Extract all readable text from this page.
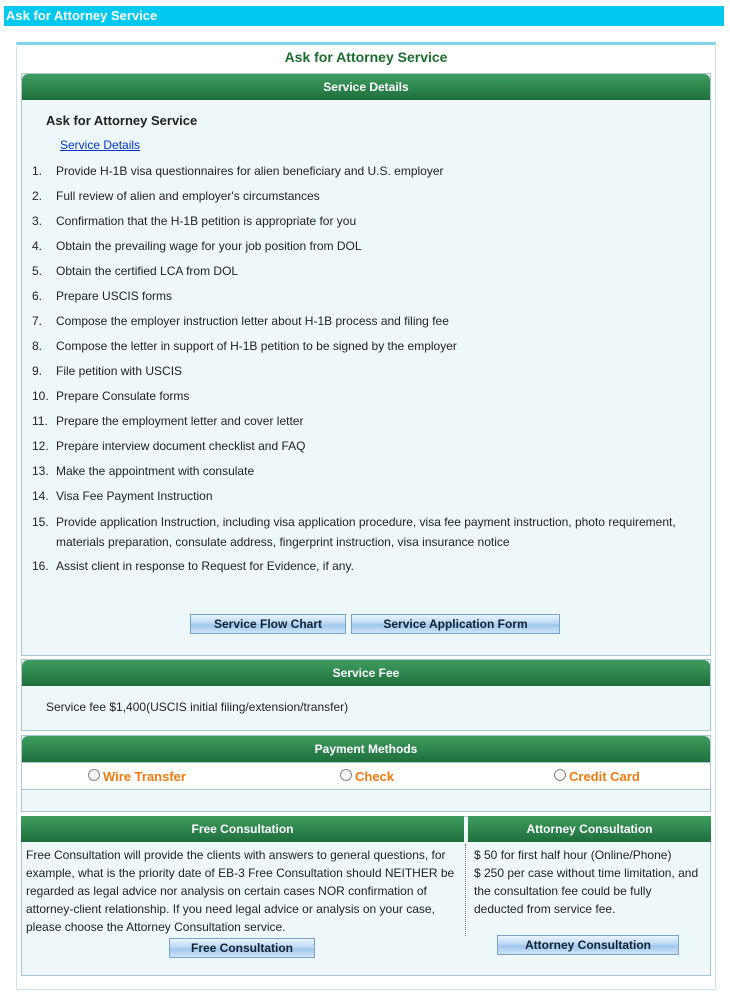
Ask for Attorney Service
Ask for Attorney Service
Service Details
Ask for Attorney Service
Service Details
1. Provide H-1B visa questionnaires for alien beneficiary and U.S. employer
2. Full review of alien and employer's circumstances
3. Confirmation that the H-1B petition is appropriate for you
4. Obtain the prevailing wage for your job position from DOL
5. Obtain the certified LCA from DOL
6. Prepare USCIS forms
7. Compose the employer instruction letter about H-1B process and filing fee
8. Compose the letter in support of H-1B petition to be signed by the employer
9. File petition with USCIS
10. Prepare Consulate forms
11. Prepare the employment letter and cover letter
12. Prepare interview document checklist and FAQ
13. Make the appointment with consulate
14. Visa Fee Payment Instruction
15. Provide application Instruction, including visa application procedure, visa fee payment instruction, photo requirement, materials preparation, consulate address, fingerprint instruction, visa insurance notice
16. Assist client in response to Request for Evidence, if any.
Service Flow Chart	Service Application Form
Service Fee
Service fee $1,400(USCIS initial filing/extension/transfer)
Payment Methods
Wire Transfer	Check	Credit Card
Free Consultation	Attorney Consultation
Free Consultation will provide the clients with answers to general questions, for example, what is the priority date of EB-3 Free Consultation should NEITHER be regarded as legal advice nor analysis on certain cases NOR confirmation of attorney-client relationship. If you need legal advice or analysis on your case, please choose the Attorney Consultation service.
$ 50 for first half hour (Online/Phone)
$ 250 per case without time limitation, and the consultation fee could be fully deducted from service fee.
Free Consultation	Attorney Consultation
